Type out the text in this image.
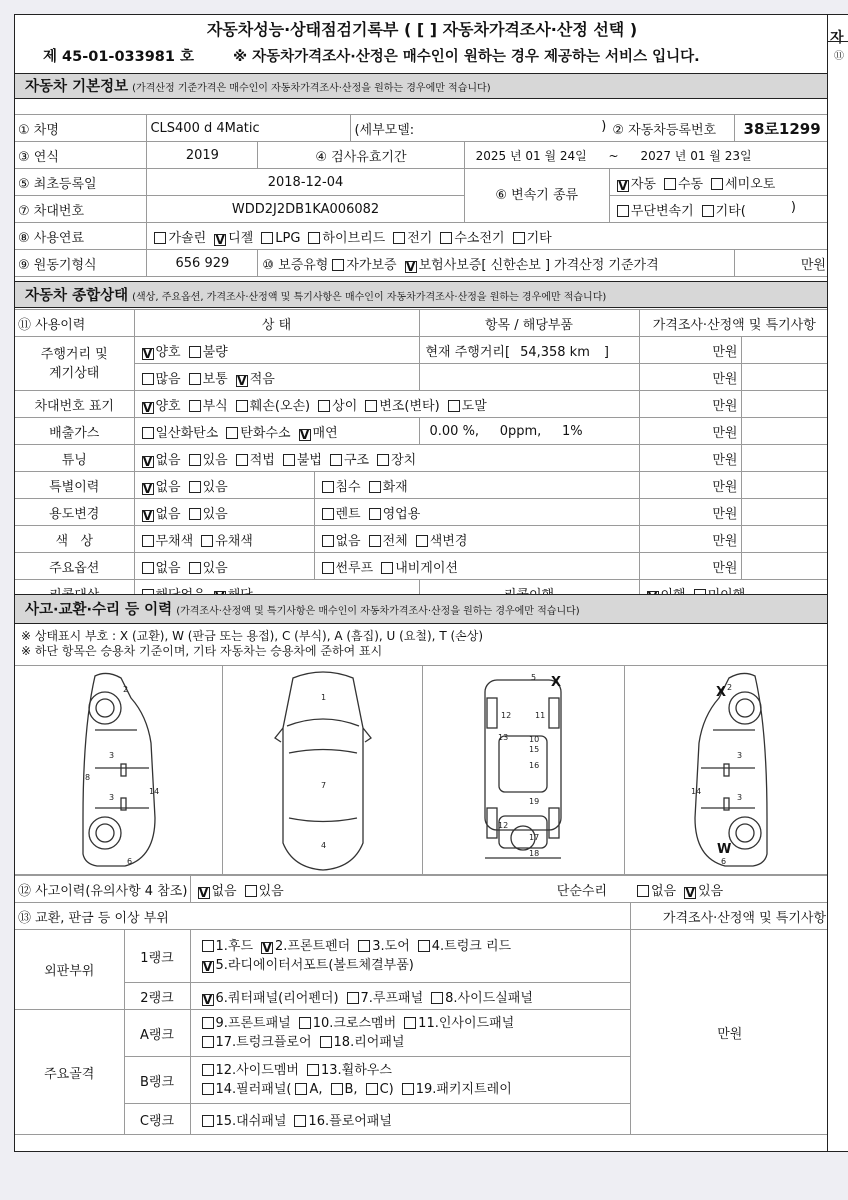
자동차성능·상태점검기록부 ( [ ] 자동차가격조사·산정 선택 )
제 45-01-033981 호	※ 자동차가격조사·산정은 매수인이 원하는 경우 제공하는 서비스 입니다.
자동차 기본정보 (가격산정 기준가격은 매수인이 자동차가격조사·산정을 원하는 경우에만 적습니다)
① 차명	CLS400 d 4Matic		(세부모델: )		② 자동차등록번호	38로1299
③ 연식	2019	④ 검사유효기간		2025 년 01 월 24일 ~ 2027 년 01 월 23일		
⑤ 최초등록일	2018-12-04			⑥ 변속기 종류	V 자동 수동 세미오토	
⑦ 차대번호	WDD2J2DB1KA006082				무단변속기 기타( )	

⑧ 사용연료	가솔린 V 디젤 LPG 하이브리드 전기 수소전기 기타					
⑨ 원동기형식	656 929	⑩ 보증유형 자가보증 V 보험사보증[ 신한손보 ] 가격산정 기준가격				만원
자동차 종합상태 (색상, 주요옵션, 가격조사·산정액 및 특기사항은 매수인이 자동차가격조사·산정을 원하는 경우에만 적습니다)
⑪ 사용이력	상 태		항목 / 해당부품	가격조사·산정액 및 특기사항	
주행거리 및 계기상태	V 양호 불량		현재 주행거리[ 54,358 km ]	만원	
	많음 보통 V 적음			만원	
차대번호 표기	V 양호 부식 훼손(오손) 상이 변조(변타) 도말			만원	
배출가스	일산화탄소 탄화수소 V 매연		0.00 %,     0ppm,     1%	만원	
튜닝	V 없음 있음 적법 불법 구조 장치			만원	
특별이력	V 없음 있음	침수 화재		만원	
용도변경	V 없음 있음	렌트 영업용		만원	
색   상	무채색 유채색	없음 전체 색변경		만원	
주요옵션	없음 있음	썬루프 내비게이션		만원	

사고·교환·수리 등 이력 (가격조사·산정액 및 특기사항은 매수인이 자동차가격조사·산정을 원하는 경우에만 적습니다)
※ 상태표시 부호 : X (교환), W (판금 또는 용접), C (부식), A (흠집), U (요철), T (손상)
※ 하단 항목은 승용차 기준이며, 기타 자동차는 승용차에 준하여 표시
2
3
3
8
14
6
1
7
4
5
12	11
10
15
16
19
17
18
13
12
X	2
3
3
14
6
X
W
⑫ 사고이력(유의사항 4 참조)		V 없음 있음 단순수리	없음 V 있음
⑬ 교환, 판금 등 이상 부위			가격조사·산정액 및 특기사항
외판부위	1랭크	1.후드 V 2.프론트펜더 3.도어 4.트렁크 리드
V 5.라디에이터서포트(볼트체결부품)	만원
	2랭크	V 6.쿼터패널(리어펜더) 7.루프패널 8.사이드실패널	
주요골격	A랭크	9.프론트패널 10.크로스멤버 11.인사이드패널
17.트렁크플로어 18.리어패널	

	B랭크	12.사이드멤버 13.휠하우스
14.필러패널( A, B, C) 19.패키지트레이	

	C랭크	15.대쉬패널 16.플로어패널	
자
⑪
